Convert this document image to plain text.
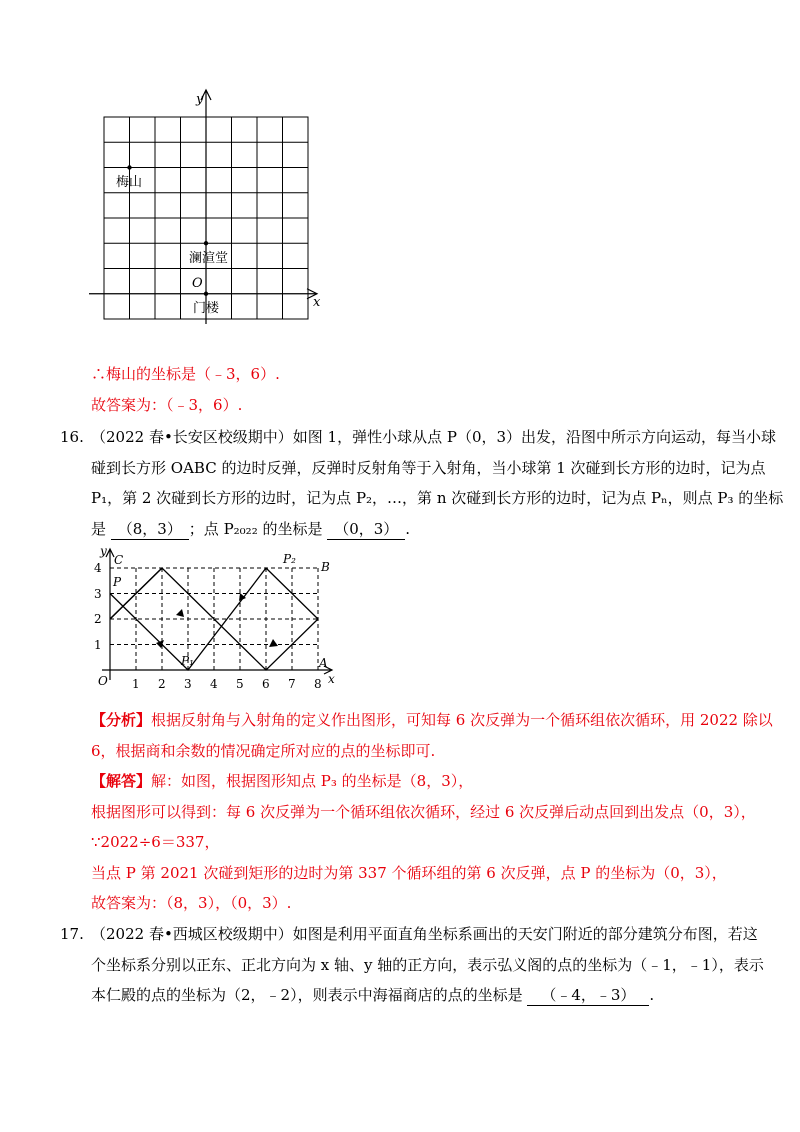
y
x
O
梅山
澜渲堂
门楼
∴梅山的坐标是（﹣3，6）.
故答案为：（﹣3，6）.
16. （2022 春•长安区校级期中）如图 1，弹性小球从点 P（0，3）出发，沿图中所示方向运动，每当小球
碰到长方形 OABC 的边时反弹，反弹时反射角等于入射角，当小球第 1 次碰到长方形的边时，记为点
P₁，第 2 次碰到长方形的边时，记为点 P₂，…，第 n 次碰到长方形的边时，记为点 Pₙ，则点 P₃ 的坐标
是 （8，3） ；点 P₂₀₂₂ 的坐标是 （0，3） .
y
x
O 1 2 3 4 5 6 7 8
1
2
3
4
C	B
A
P
P₁
P₂
【分析】根据反射角与入射角的定义作出图形，可知每 6 次反弹为一个循环组依次循环，用 2022 除以
6，根据商和余数的情况确定所对应的点的坐标即可.
【解答】解：如图，根据图形知点 P₃ 的坐标是（8，3），
根据图形可以得到：每 6 次反弹为一个循环组依次循环，经过 6 次反弹后动点回到出发点（0，3），
∵2022÷6＝337，
当点 P 第 2021 次碰到矩形的边时为第 337 个循环组的第 6 次反弹，点 P 的坐标为（0，3），
故答案为：（8，3），（0，3）.
17. （2022 春•西城区校级期中）如图是利用平面直角坐标系画出的天安门附近的部分建筑分布图，若这
个坐标系分别以正东、正北方向为 x 轴、y 轴的正方向，表示弘义阁的点的坐标为（﹣1，﹣1），表示
本仁殿的点的坐标为（2，﹣2），则表示中海福商店的点的坐标是 （﹣4，﹣3） .
